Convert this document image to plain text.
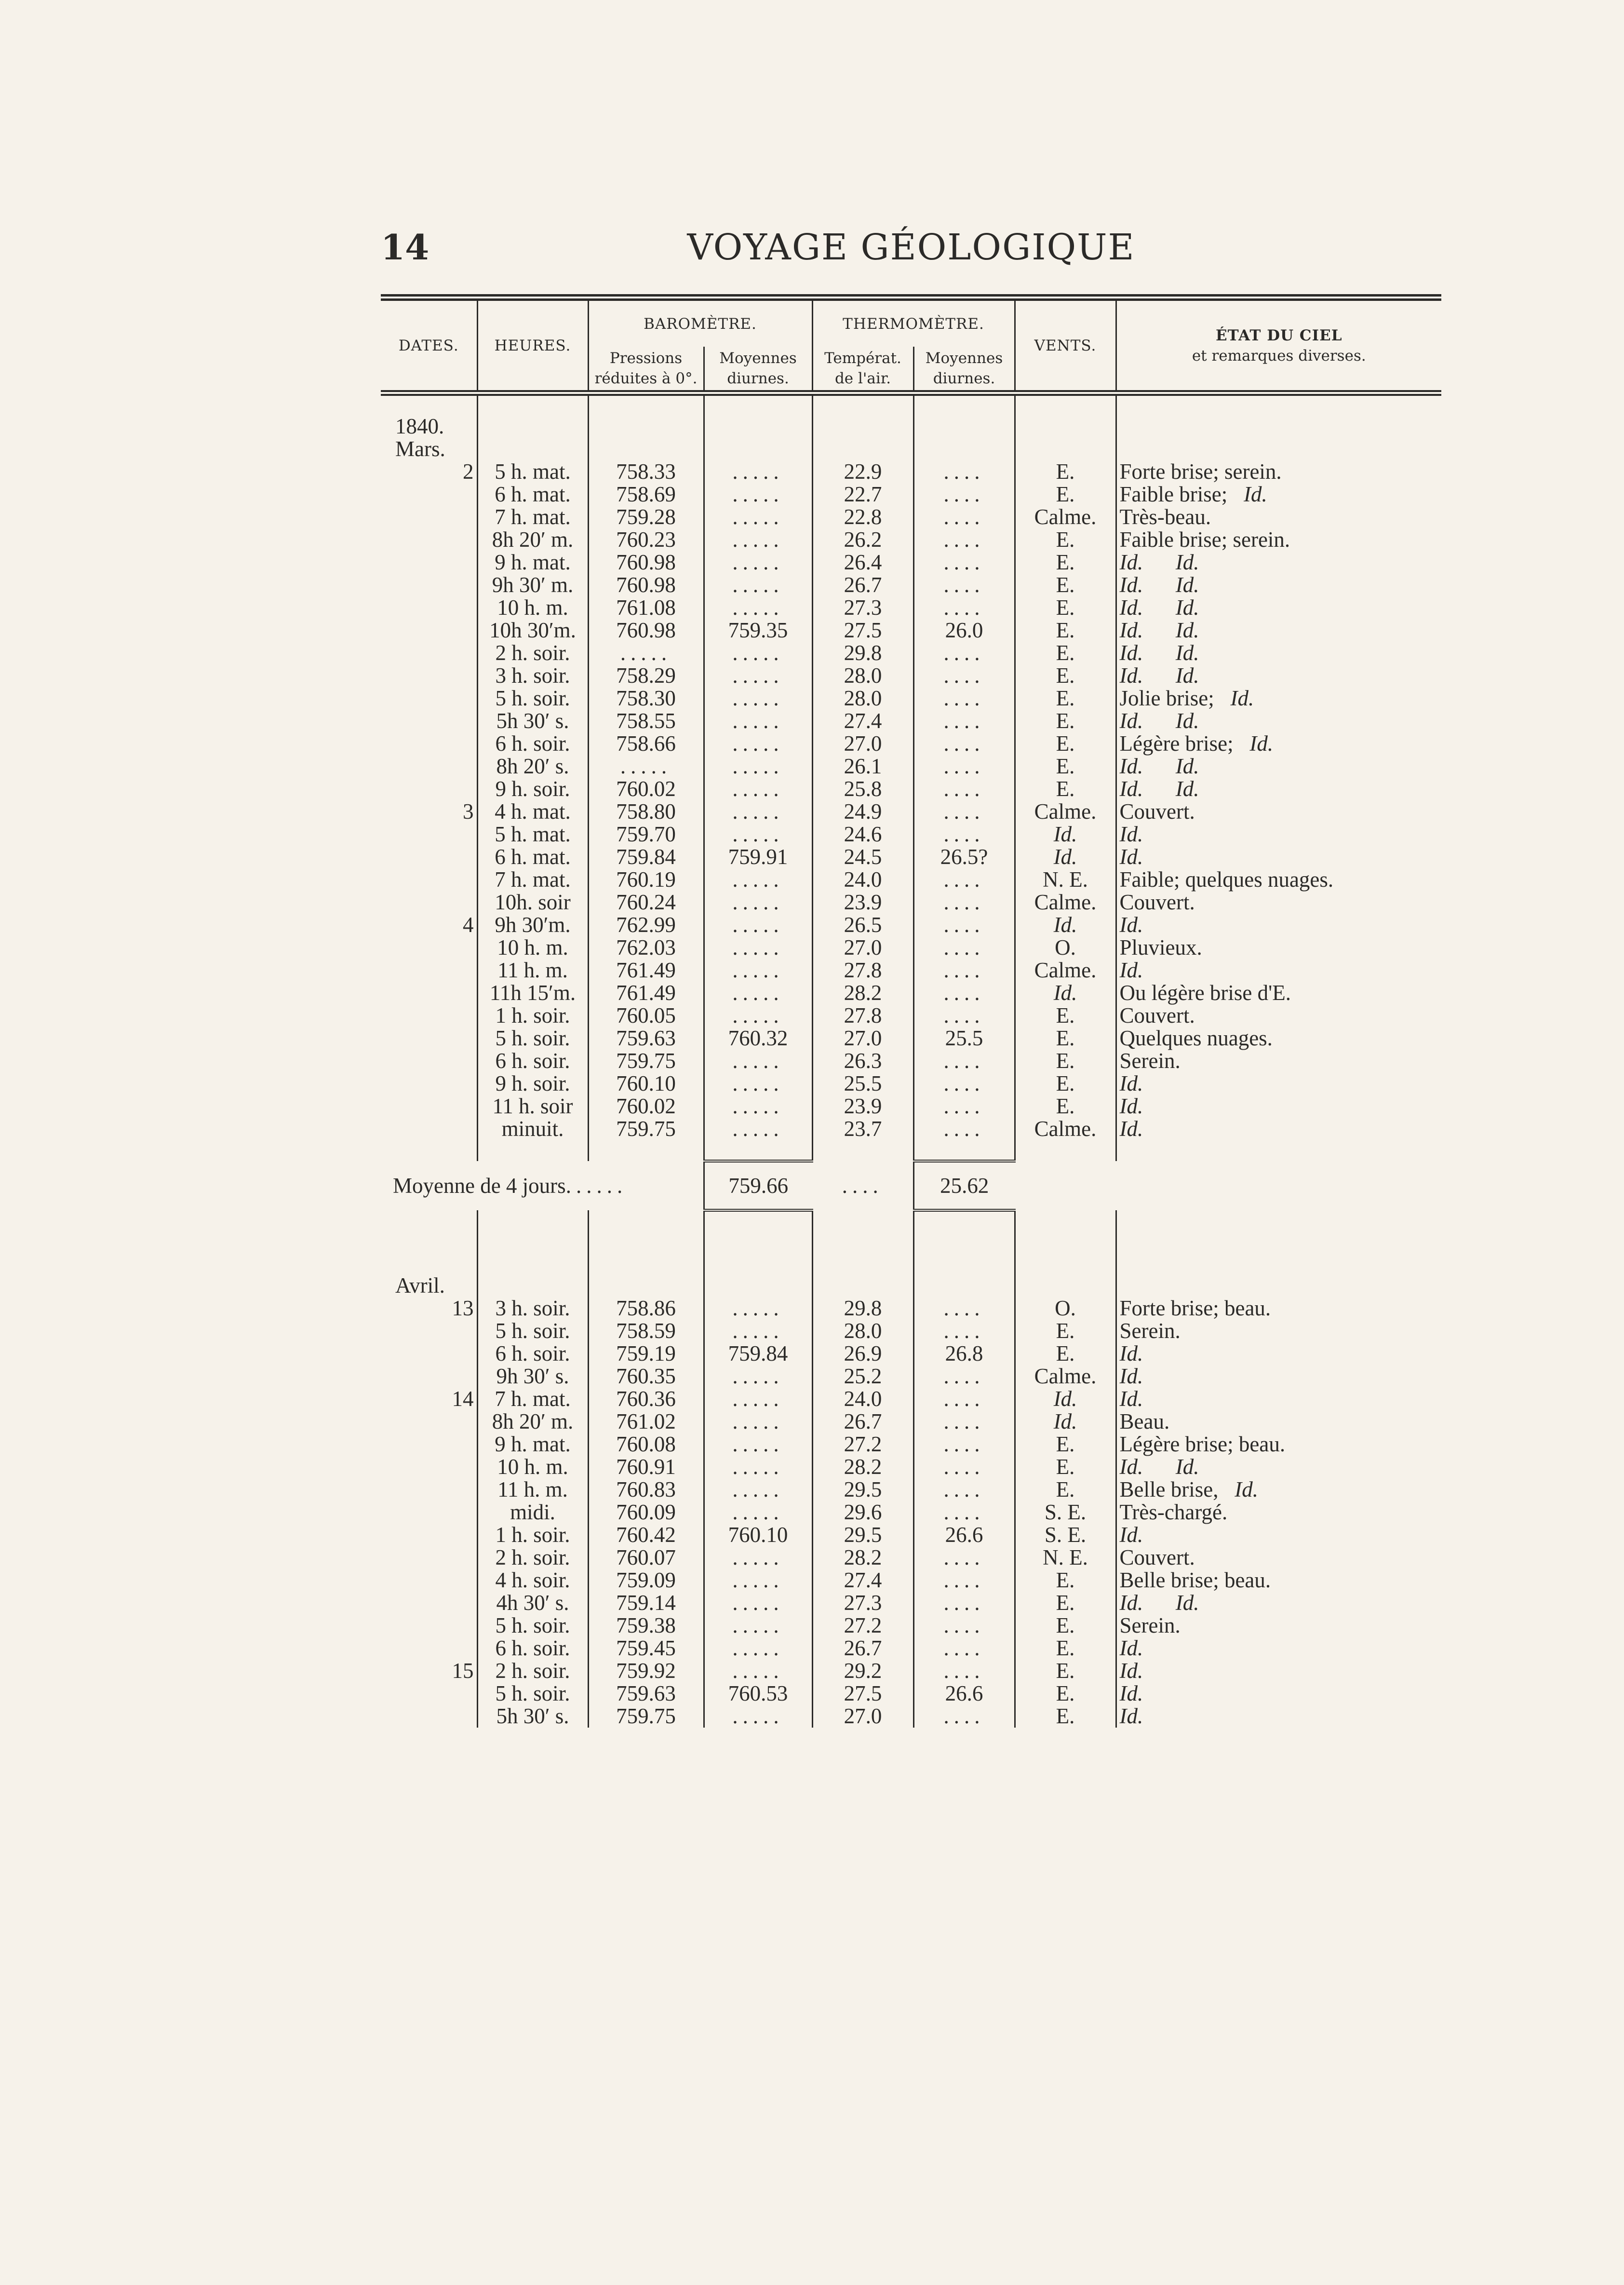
14	VOYAGE GÉOLOGIQUE
DATES.	HEURES.	BAROMÈTRE.		THERMOMÈTRE.		VENTS.	ÉTAT DU CIEL
et remarques diverses.

		Pressions réduites à 0°.	Moyennes diurnes.	Températ. de l'air.	Moyennes diurnes.		

1840.							
Mars.							
2	5 h. mat.	758.33	.....	22.9	....	E.	Forte brise; serein.
	6 h. mat.	758.69	.....	22.7	....	E.	Faible brise;   Id.
	7 h. mat.	759.28	.....	22.8	....	Calme.	Très-beau.
	8h 20′ m.	760.23	.....	26.2	....	E.	Faible brise; serein.
	9 h. mat.	760.98	.....	26.4	....	E.	Id. Id.
	9h 30′ m.	760.98	.....	26.7	....	E.	Id. Id.
	10 h. m.	761.08	.....	27.3	....	E.	Id. Id.
	10h 30′m.	760.98	759.35	27.5	26.0	E.	Id. Id.
	2 h. soir.	.....	.....	29.8	....	E.	Id. Id.
	3 h. soir.	758.29	.....	28.0	....	E.	Id. Id.
	5 h. soir.	758.30	.....	28.0	....	E.	Jolie brise;   Id.
	5h 30′ s.	758.55	.....	27.4	....	E.	Id. Id.
	6 h. soir.	758.66	.....	27.0	....	E.	Légère brise;   Id.
	8h 20′ s.	.....	.....	26.1	....	E.	Id. Id.
	9 h. soir.	760.02	.....	25.8	....	E.	Id. Id.
3	4 h. mat.	758.80	.....	24.9	....	Calme.	Couvert.
	5 h. mat.	759.70	.....	24.6	....	Id.	Id.
	6 h. mat.	759.84	759.91	24.5	26.5?	Id.	Id.
	7 h. mat.	760.19	.....	24.0	....	N. E.	Faible; quelques nuages.
	10h. soir	760.24	.....	23.9	....	Calme.	Couvert.
4	9h 30′m.	762.99	.....	26.5	....	Id.	Id.
	10 h. m.	762.03	.....	27.0	....	O.	Pluvieux.
	11 h. m.	761.49	.....	27.8	....	Calme.	Id.
	11h 15′m.	761.49	.....	28.2	....	Id.	Ou légère brise d'E.
	1 h. soir.	760.05	.....	27.8	....	E.	Couvert.
	5 h. soir.	759.63	760.32	27.0	25.5	E.	Quelques nuages.
	6 h. soir.	759.75	.....	26.3	....	E.	Serein.
	9 h. soir.	760.10	.....	25.5	....	E.	Id.
	11 h. soir	760.02	.....	23.9	....	E.	Id.
	minuit.	759.75	.....	23.7	....	Calme.	Id.

Moyenne de 4 jours......			759.66	....	25.62		

Avril.							
13	3 h. soir.	758.86	.....	29.8	....	O.	Forte brise; beau.
	5 h. soir.	758.59	.....	28.0	....	E.	Serein.
	6 h. soir.	759.19	759.84	26.9	26.8	E.	Id.
	9h 30′ s.	760.35	.....	25.2	....	Calme.	Id.
14	7 h. mat.	760.36	.....	24.0	....	Id.	Id.
	8h 20′ m.	761.02	.....	26.7	....	Id.	Beau.
	9 h. mat.	760.08	.....	27.2	....	E.	Légère brise; beau.
	10 h. m.	760.91	.....	28.2	....	E.	Id. Id.
	11 h. m.	760.83	.....	29.5	....	E.	Belle brise,   Id.
	midi.	760.09	.....	29.6	....	S. E.	Très-chargé.
	1 h. soir.	760.42	760.10	29.5	26.6	S. E.	Id.
	2 h. soir.	760.07	.....	28.2	....	N. E.	Couvert.
	4 h. soir.	759.09	.....	27.4	....	E.	Belle brise; beau.
	4h 30′ s.	759.14	.....	27.3	....	E.	Id. Id.
	5 h. soir.	759.38	.....	27.2	....	E.	Serein.
	6 h. soir.	759.45	.....	26.7	....	E.	Id.
15	2 h. soir.	759.92	.....	29.2	....	E.	Id.
	5 h. soir.	759.63	760.53	27.5	26.6	E.	Id.
	5h 30′ s.	759.75	.....	27.0	....	E.	Id.
